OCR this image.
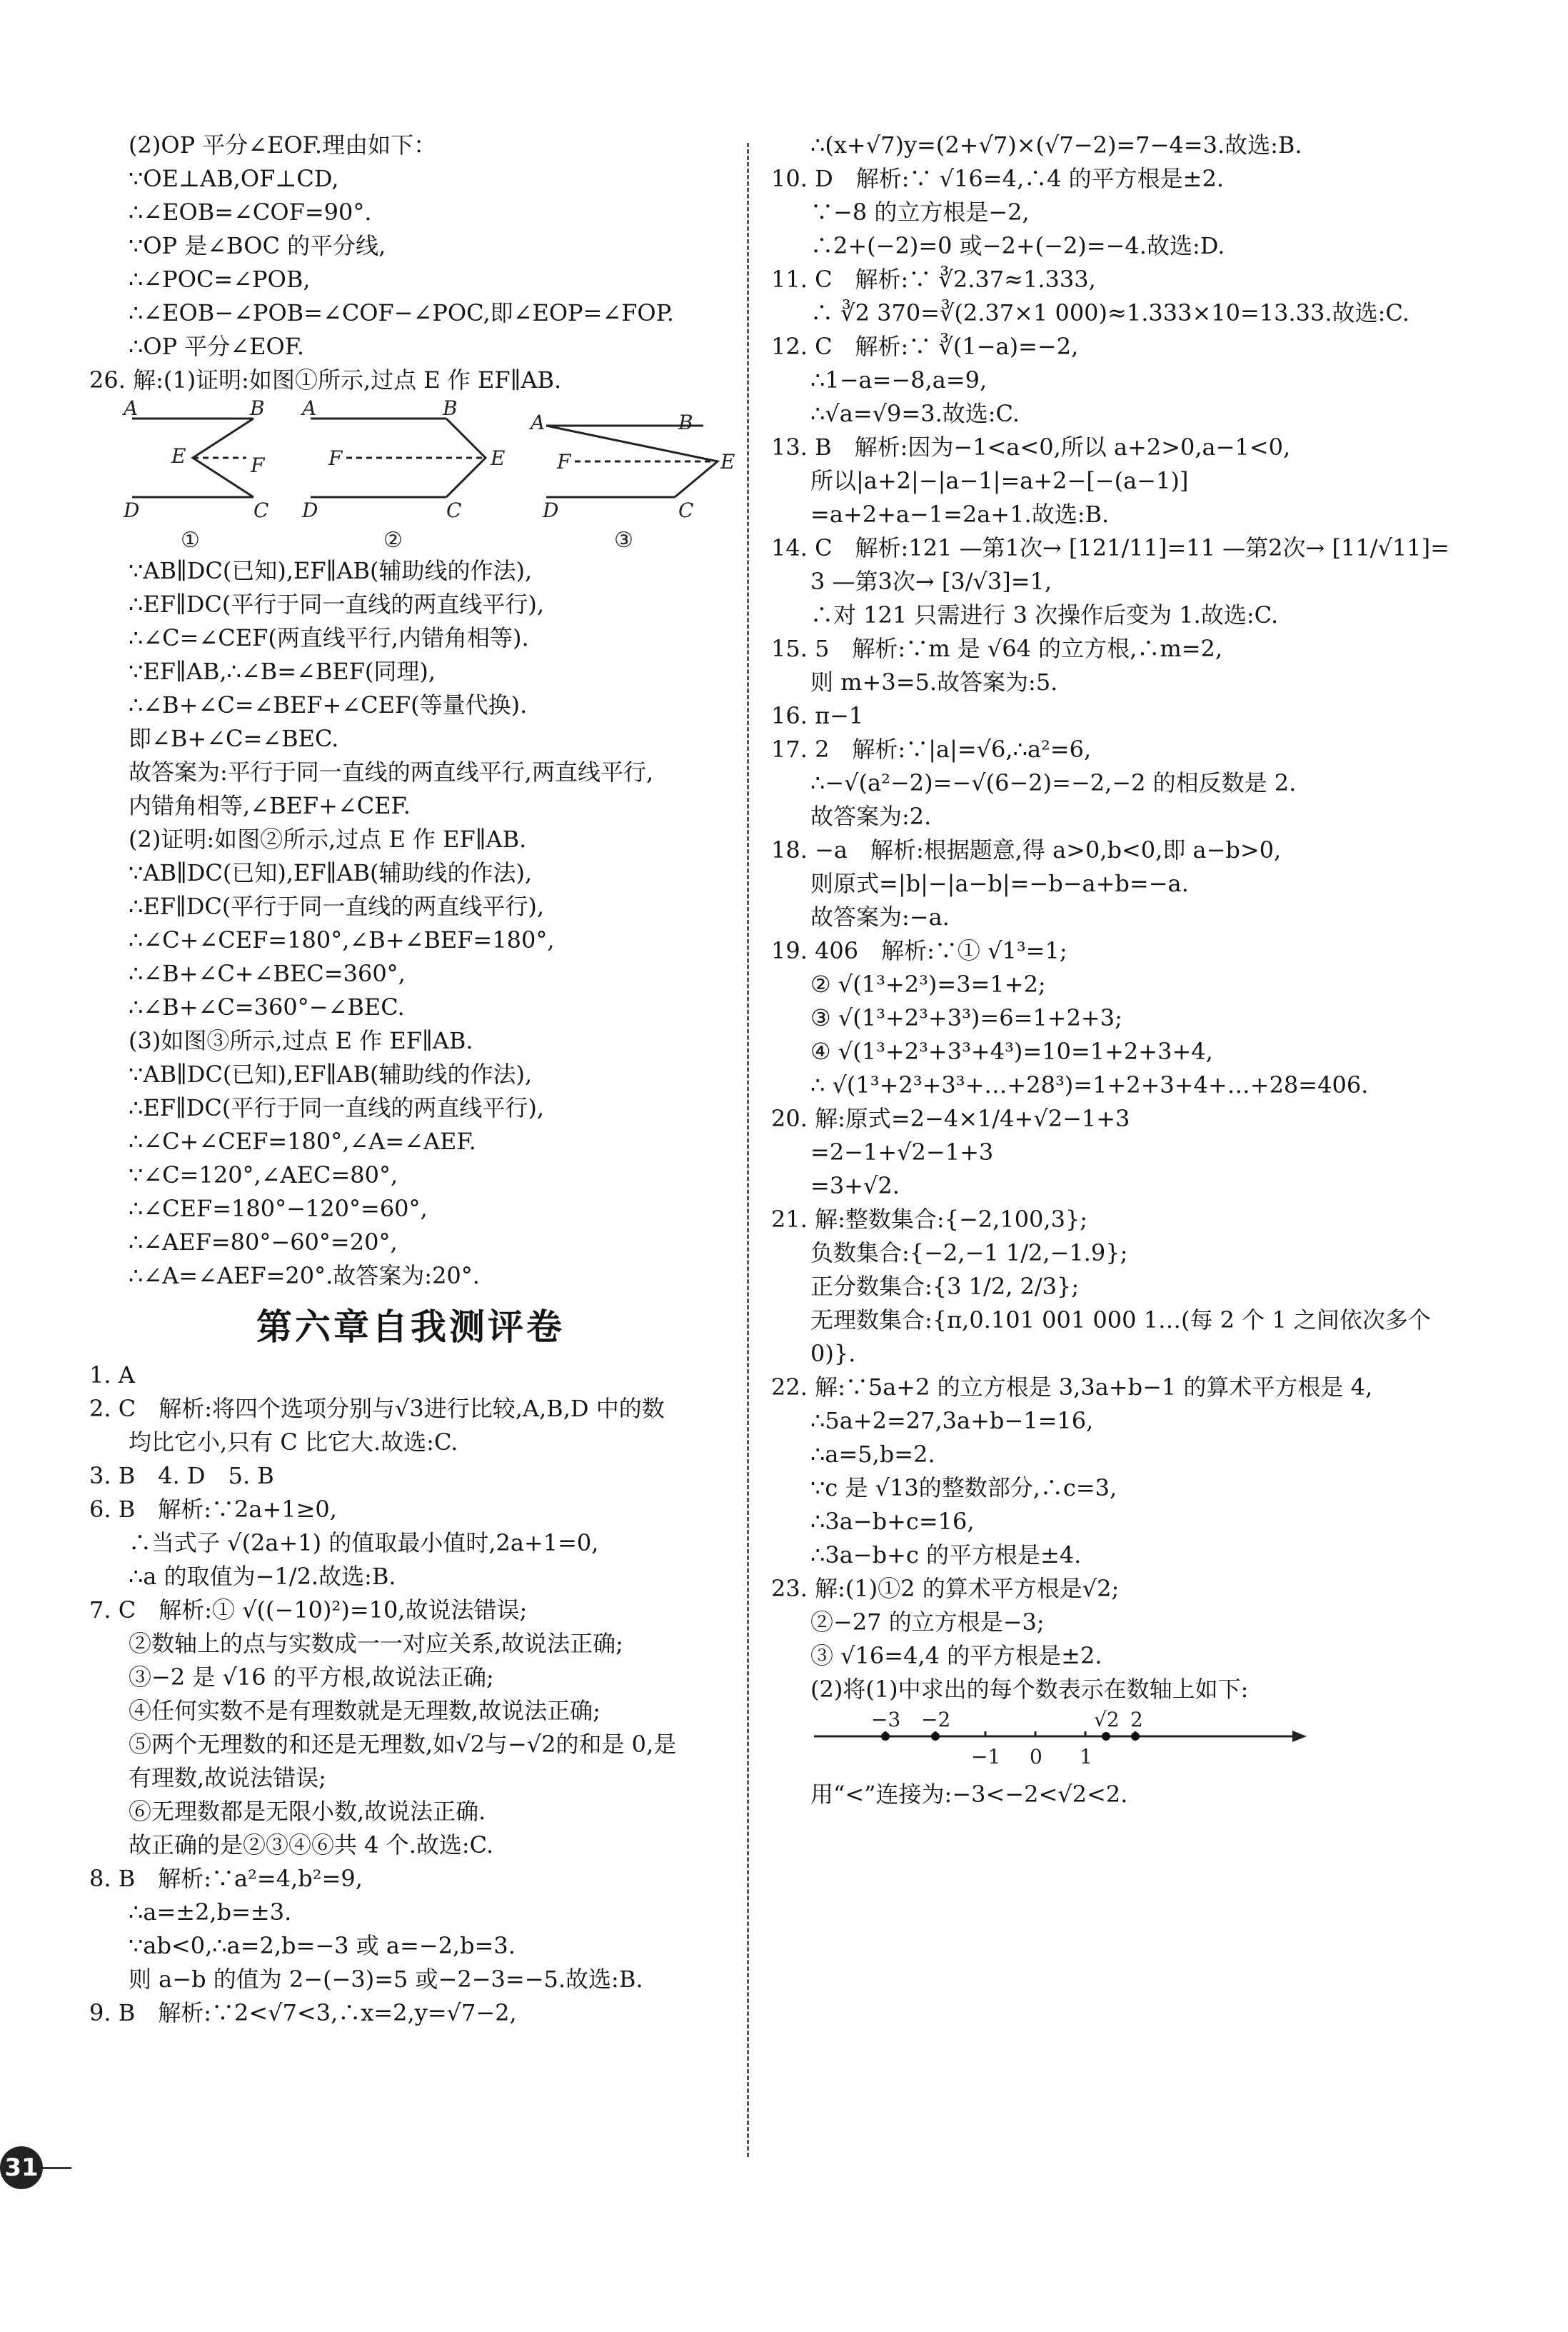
(2)OP 平分∠EOF.理由如下：
∵OE⊥AB,OF⊥CD,
∴∠EOB=∠COF=90°.
∵OP 是∠BOC 的平分线,
∴∠POC=∠POB,
∴∠EOB−∠POB=∠COF−∠POC,即∠EOP=∠FOP.
∴OP 平分∠EOF.
26. 解:(1)证明:如图①所示,过点 E 作 EF∥AB.
A	B
E	F
D	C
A	B
F	E
D	C
A	B
F	E
D	C
①	②	③
∵AB∥DC(已知),EF∥AB(辅助线的作法),
∴EF∥DC(平行于同一直线的两直线平行),
∴∠C=∠CEF(两直线平行,内错角相等).
∵EF∥AB,∴∠B=∠BEF(同理),
∴∠B+∠C=∠BEF+∠CEF(等量代换).
即∠B+∠C=∠BEC.
故答案为:平行于同一直线的两直线平行,两直线平行,
内错角相等,∠BEF+∠CEF.
(2)证明:如图②所示,过点 E 作 EF∥AB.
∵AB∥DC(已知),EF∥AB(辅助线的作法),
∴EF∥DC(平行于同一直线的两直线平行),
∴∠C+∠CEF=180°,∠B+∠BEF=180°,
∴∠B+∠C+∠BEC=360°,
∴∠B+∠C=360°−∠BEC.
(3)如图③所示,过点 E 作 EF∥AB.
∵AB∥DC(已知),EF∥AB(辅助线的作法),
∴EF∥DC(平行于同一直线的两直线平行),
∴∠C+∠CEF=180°,∠A=∠AEF.
∵∠C=120°,∠AEC=80°,
∴∠CEF=180°−120°=60°,
∴∠AEF=80°−60°=20°,
∴∠A=∠AEF=20°.故答案为:20°.
第六章自我测评卷
1. A
2. C　解析:将四个选项分别与√3进行比较,A,B,D 中的数
均比它小,只有 C 比它大.故选:C.
3. B　4. D　5. B
6. B　解析:∵2a+1≥0,
∴当式子 √(2a+1) 的值取最小值时,2a+1=0,
∴a 的取值为−1/2.故选:B.
7. C　解析:① √((−10)²)=10,故说法错误;
②数轴上的点与实数成一一对应关系,故说法正确;
③−2 是 √16 的平方根,故说法正确;
④任何实数不是有理数就是无理数,故说法正确;
⑤两个无理数的和还是无理数,如√2与−√2的和是 0,是
有理数,故说法错误;
⑥无理数都是无限小数,故说法正确.
故正确的是②③④⑥共 4 个.故选:C.
8. B　解析:∵a²=4,b²=9,
∴a=±2,b=±3.
∵ab<0,∴a=2,b=−3 或 a=−2,b=3.
则 a−b 的值为 2−(−3)=5 或−2−3=−5.故选:B.
9. B　解析:∵2<√7<3,∴x=2,y=√7−2,
∴(x+√7)y=(2+√7)×(√7−2)=7−4=3.故选:B.
10. D　解析:∵ √16=4,∴4 的平方根是±2.
∵−8 的立方根是−2,
∴2+(−2)=0 或−2+(−2)=−4.故选:D.
11. C　解析:∵ ∛2.37≈1.333,
∴ ∛2 370=∛(2.37×1 000)≈1.333×10=13.33.故选:C.
12. C　解析:∵ ∛(1−a)=−2,
∴1−a=−8,a=9,
∴√a=√9=3.故选:C.
13. B　解析:因为−1<a<0,所以 a+2>0,a−1<0,
所以|a+2|−|a−1|=a+2−[−(a−1)]
=a+2+a−1=2a+1.故选:B.
14. C　解析:121 —第1次→ [121/11]=11 —第2次→ [11/√11]=
3 —第3次→ [3/√3]=1,
∴对 121 只需进行 3 次操作后变为 1.故选:C.
15. 5　解析:∵m 是 √64 的立方根,∴m=2,
则 m+3=5.故答案为:5.
16. π−1
17. 2　解析:∵|a|=√6,∴a²=6,
∴−√(a²−2)=−√(6−2)=−2,−2 的相反数是 2.
故答案为:2.
18. −a　解析:根据题意,得 a>0,b<0,即 a−b>0,
则原式=|b|−|a−b|=−b−a+b=−a.
故答案为:−a.
19. 406　解析:∵① √1³=1;
② √(1³+2³)=3=1+2;
③ √(1³+2³+3³)=6=1+2+3;
④ √(1³+2³+3³+4³)=10=1+2+3+4,
∴ √(1³+2³+3³+…+28³)=1+2+3+4+…+28=406.
20. 解:原式=2−4×1/4+√2−1+3
=2−1+√2−1+3
=3+√2.
21. 解:整数集合:{−2,100,3};
负数集合:{−2,−1 1/2,−1.9};
正分数集合:{3 1/2, 2/3};
无理数集合:{π,0.101 001 000 1…(每 2 个 1 之间依次多个
0)}.
22. 解:∵5a+2 的立方根是 3,3a+b−1 的算术平方根是 4,
∴5a+2=27,3a+b−1=16,
∴a=5,b=2.
∵c 是 √13的整数部分,∴c=3,
∴3a−b+c=16,
∴3a−b+c 的平方根是±4.
23. 解:(1)①2 的算术平方根是√2;
②−27 的立方根是−3;
③ √16=4,4 的平方根是±2.
(2)将(1)中求出的每个数表示在数轴上如下:
−3 −2	√2 2
−1 0 1
用“<”连接为:−3<−2<√2<2.
31
